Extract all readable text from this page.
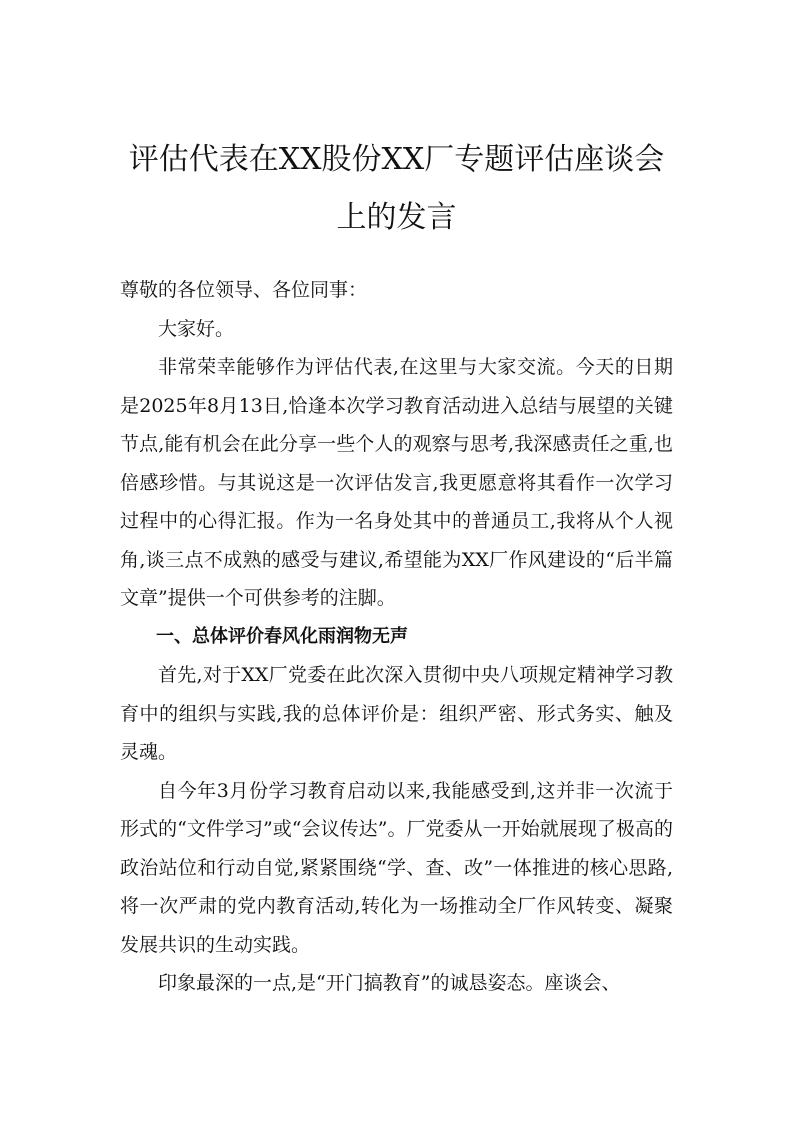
评估代表在XX股份XX厂专题评估座谈会上的发言

尊敬的各位领导、各位同事：

大家好。

非常荣幸能够作为评估代表,在这里与大家交流。今天的日期是2025年8月13日,恰逢本次学习教育活动进入总结与展望的关键节点,能有机会在此分享一些个人的观察与思考,我深感责任之重,也倍感珍惜。与其说这是一次评估发言,我更愿意将其看作一次学习过程中的心得汇报。作为一名身处其中的普通员工,我将从个人视角,谈三点不成熟的感受与建议,希望能为XX厂作风建设的“后半篇文章”提供一个可供参考的注脚。

一、总体评价春风化雨润物无声

首先,对于XX厂党委在此次深入贯彻中央八项规定精神学习教育中的组织与实践,我的总体评价是：组织严密、形式务实、触及灵魂。

自今年3月份学习教育启动以来,我能感受到,这并非一次流于形式的“文件学习”或“会议传达”。厂党委从一开始就展现了极高的政治站位和行动自觉,紧紧围绕“学、查、改”一体推进的核心思路,将一次严肃的党内教育活动,转化为一场推动全厂作风转变、凝聚发展共识的生动实践。

印象最深的一点,是“开门搞教育”的诚恳姿态。座谈会、
